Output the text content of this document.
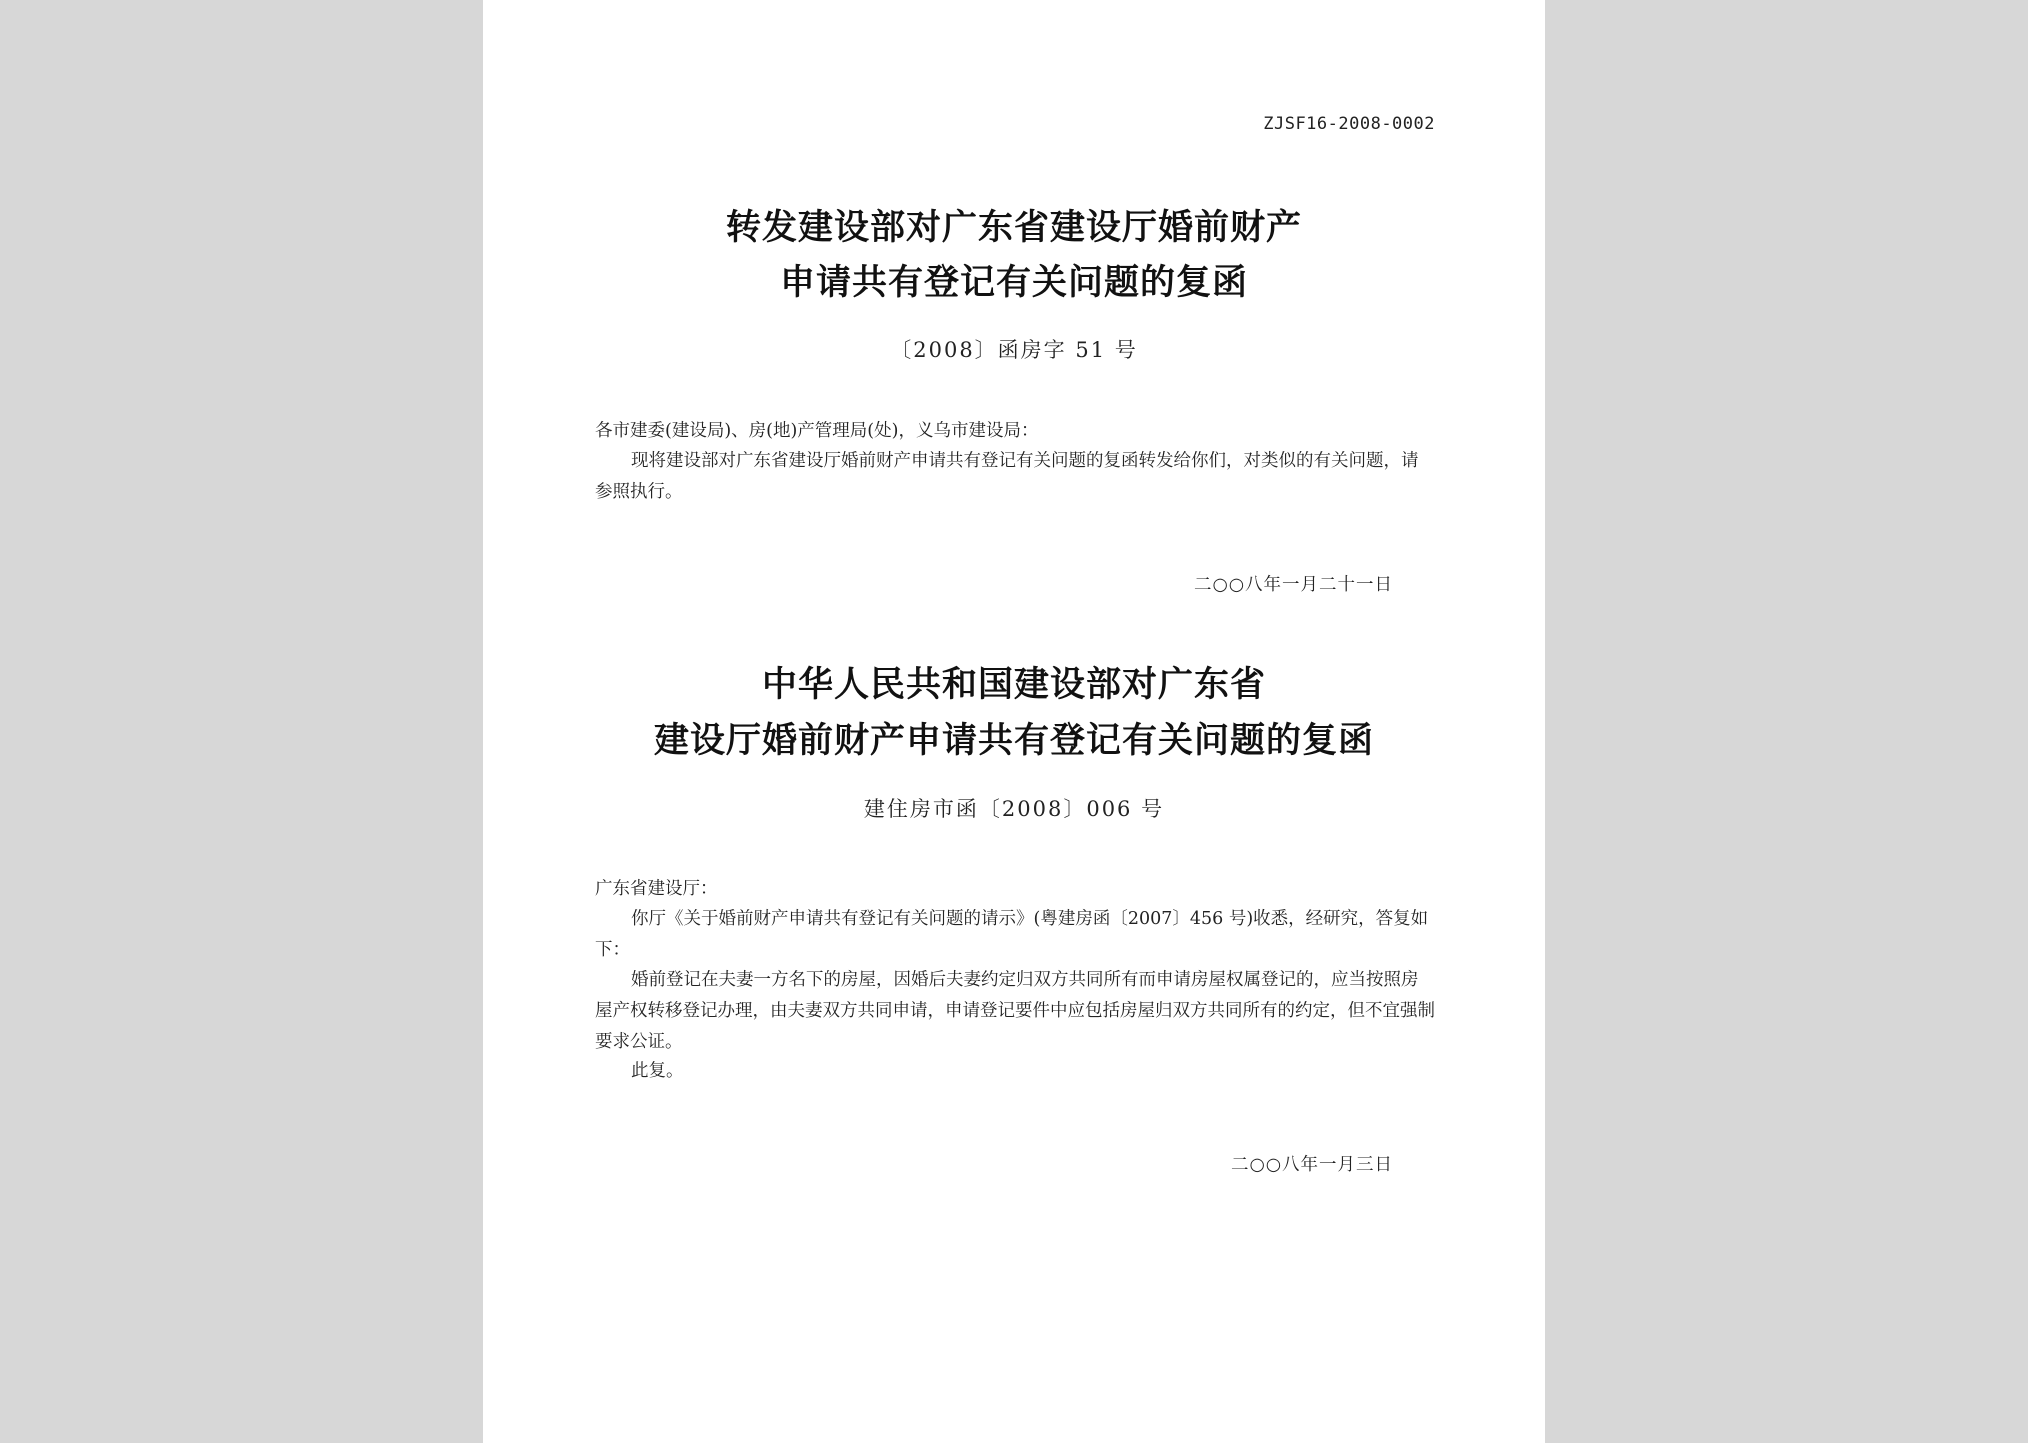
ZJSF16-2008-0002
转发建设部对广东省建设厅婚前财产
申请共有登记有关问题的复函
〔2008〕函房字 51 号

各市建委(建设局)、房(地)产管理局(处)，义乌市建设局：

现将建设部对广东省建设厅婚前财产申请共有登记有关问题的复函转发给你们，对类似的有关问题，请参照执行。

二○○八年一月二十一日
中华人民共和国建设部对广东省
建设厅婚前财产申请共有登记有关问题的复函
建住房市函〔2008〕006 号

广东省建设厅：

你厅《关于婚前财产申请共有登记有关问题的请示》(粤建房函〔2007〕456 号)收悉，经研究，答复如下：

婚前登记在夫妻一方名下的房屋，因婚后夫妻约定归双方共同所有而申请房屋权属登记的，应当按照房屋产权转移登记办理，由夫妻双方共同申请，申请登记要件中应包括房屋归双方共同所有的约定，但不宜强制要求公证。

此复。

二○○八年一月三日
